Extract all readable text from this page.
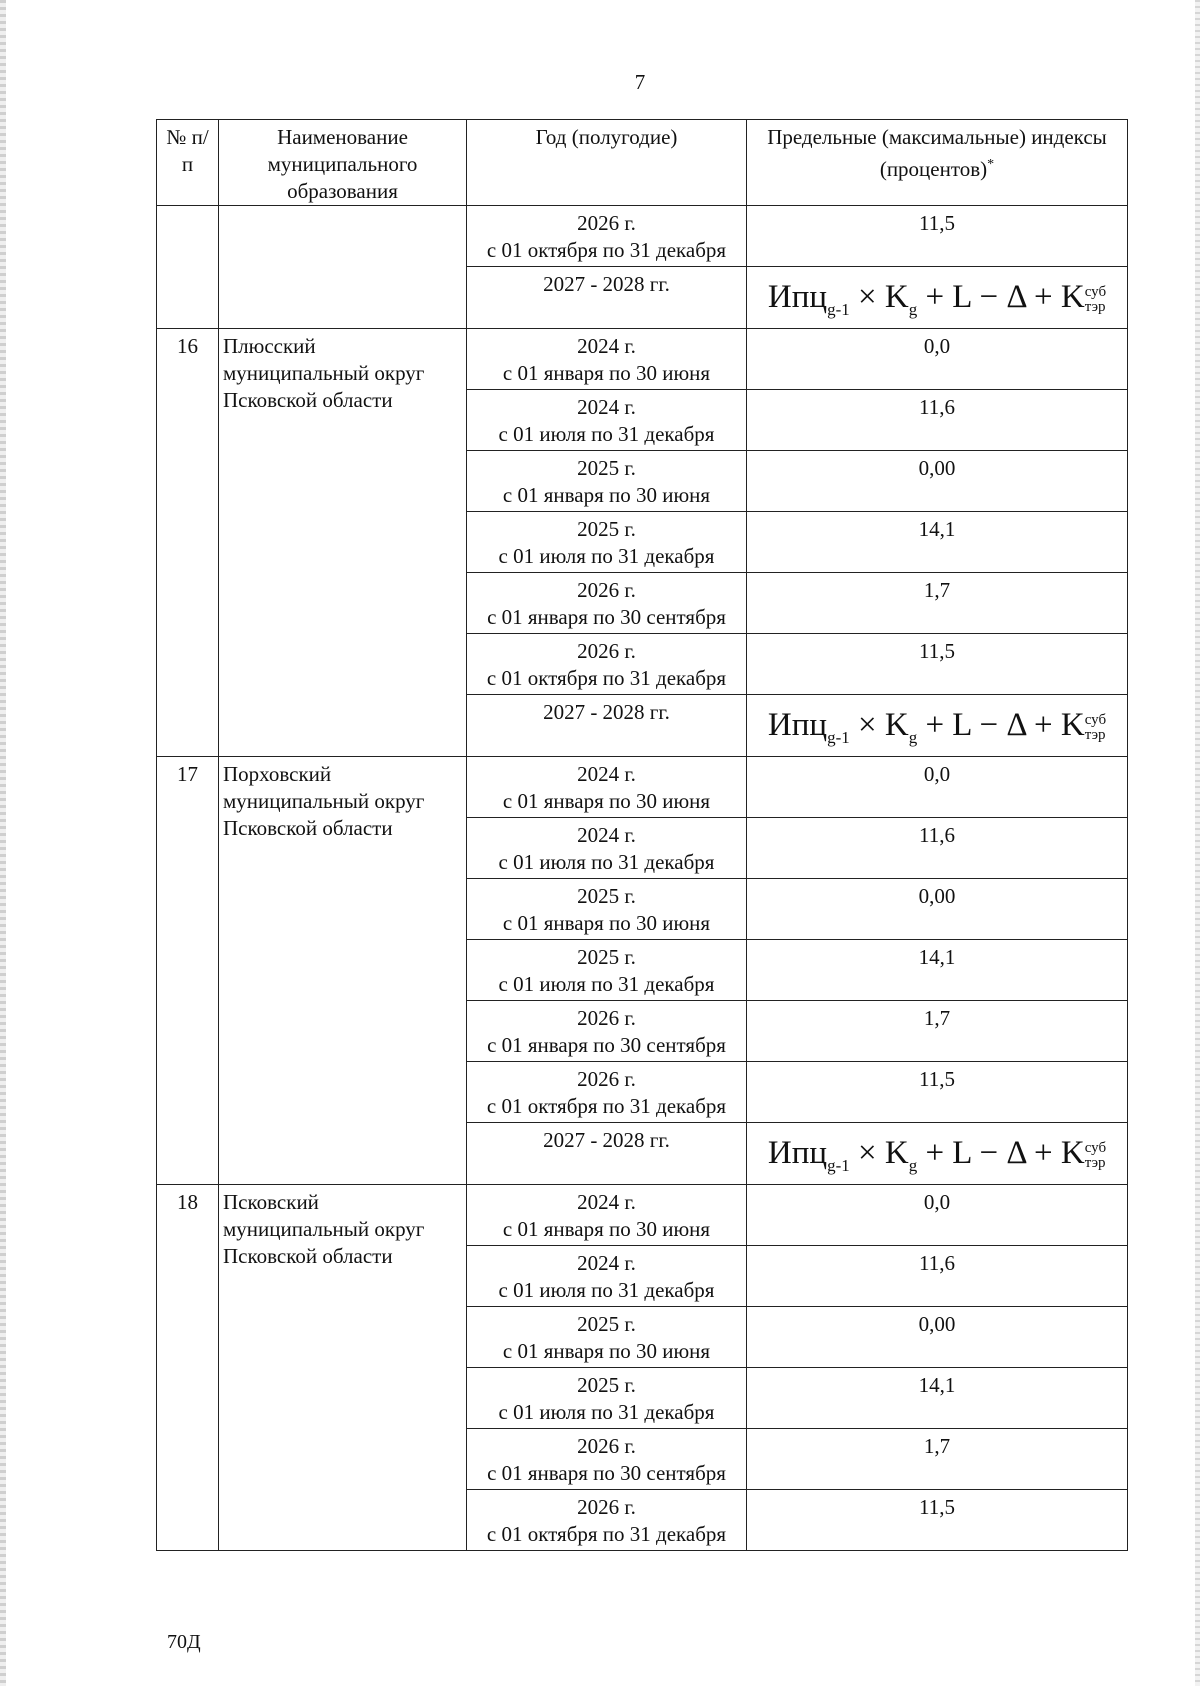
7
№ п/п	Наименование муниципального образования	Год (полугодие)	Предельные (максимальные) индексы (процентов)*

		2026 г.
с 01 октября по 31 декабря	11,5

		2027 - 2028 гг.	$Ипц_{g-1} \times K_g + L - \Delta + K$ суб
тэр

16	Плюсский муниципальный округ Псковской области	2024 г.
с 01 января по 30 июня	0,0

		2024 г.
с 01 июля по 31 декабря	11,6

		2025 г.
с 01 января по 30 июня	0,00

		2025 г.
с 01 июля по 31 декабря	14,1

		2026 г.
с 01 января по 30 сентября	1,7

		2026 г.
с 01 октября по 31 декабря	11,5

		2027 - 2028 гг.	$Ипц_{g-1} \times K_g + L - \Delta + K$ суб
тэр

17	Порховский муниципальный округ Псковской области	2024 г.
с 01 января по 30 июня	0,0

		2024 г.
с 01 июля по 31 декабря	11,6

		2025 г.
с 01 января по 30 июня	0,00

		2025 г.
с 01 июля по 31 декабря	14,1

		2026 г.
с 01 января по 30 сентября	1,7

		2026 г.
с 01 октября по 31 декабря	11,5

		2027 - 2028 гг.	$Ипц_{g-1} \times K_g + L - \Delta + K$ суб
тэр

18	Псковский муниципальный округ Псковской области	2024 г.
с 01 января по 30 июня	0,0

		2024 г.
с 01 июля по 31 декабря	11,6

		2025 г.
с 01 января по 30 июня	0,00

		2025 г.
с 01 июля по 31 декабря	14,1

		2026 г.
с 01 января по 30 сентября	1,7

		2026 г.
с 01 октября по 31 декабря	11,5
70Д
